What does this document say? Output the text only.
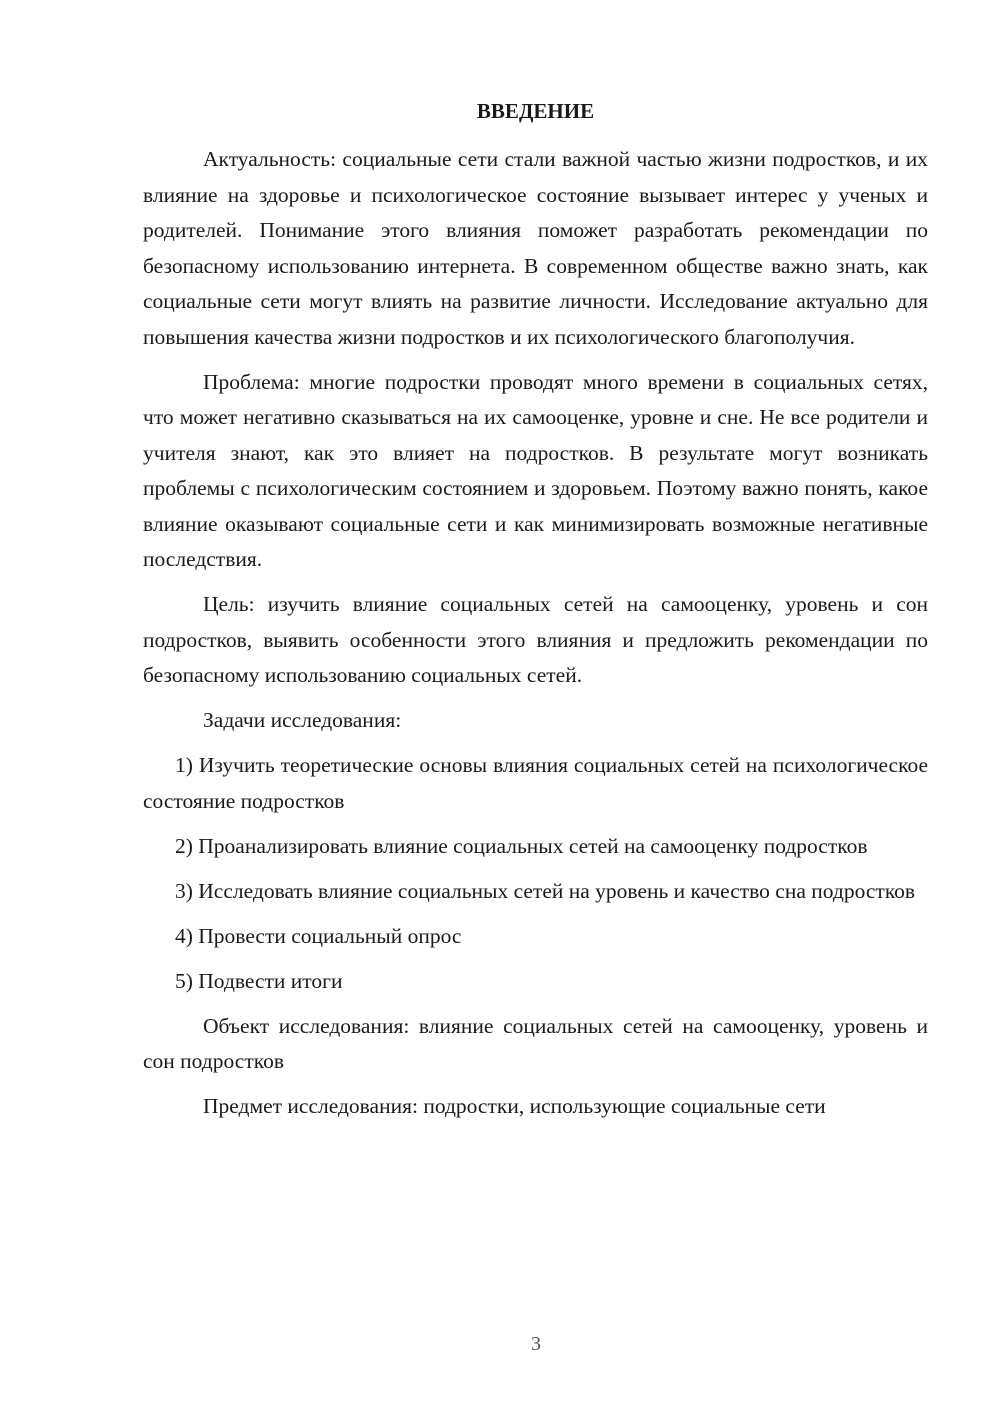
ВВЕДЕНИЕ

Актуальность: социальные сети стали важной частью жизни подростков, и их влияние на здоровье и психологическое состояние вызывает интерес у ученых и родителей. Понимание этого влияния поможет разработать рекомендации по безопасному использованию интернета. В современном обществе важно знать, как социальные сети могут влиять на развитие личности. Исследование актуально для повышения качества жизни подростков и их психологического благополучия.

Проблема: многие подростки проводят много времени в социальных сетях, что может негативно сказываться на их самооценке, уровне и сне. Не все родители и учителя знают, как это влияет на подростков. В результате могут возникать проблемы с психологическим состоянием и здоровьем. Поэтому важно понять, какое влияние оказывают социальные сети и как минимизировать возможные негативные последствия.

Цель: изучить влияние социальных сетей на самооценку, уровень и сон подростков, выявить особенности этого влияния и предложить рекомендации по безопасному использованию социальных сетей.

Задачи исследования:

1) Изучить теоретические основы влияния социальных сетей на психологическое состояние подростков

2) Проанализировать влияние социальных сетей на самооценку подростков

3) Исследовать влияние социальных сетей на уровень и качество сна подростков

4) Провести социальный опрос

5) Подвести итоги

Объект исследования: влияние социальных сетей на самооценку, уровень и сон подростков

Предмет исследования: подростки, использующие социальные сети

3
